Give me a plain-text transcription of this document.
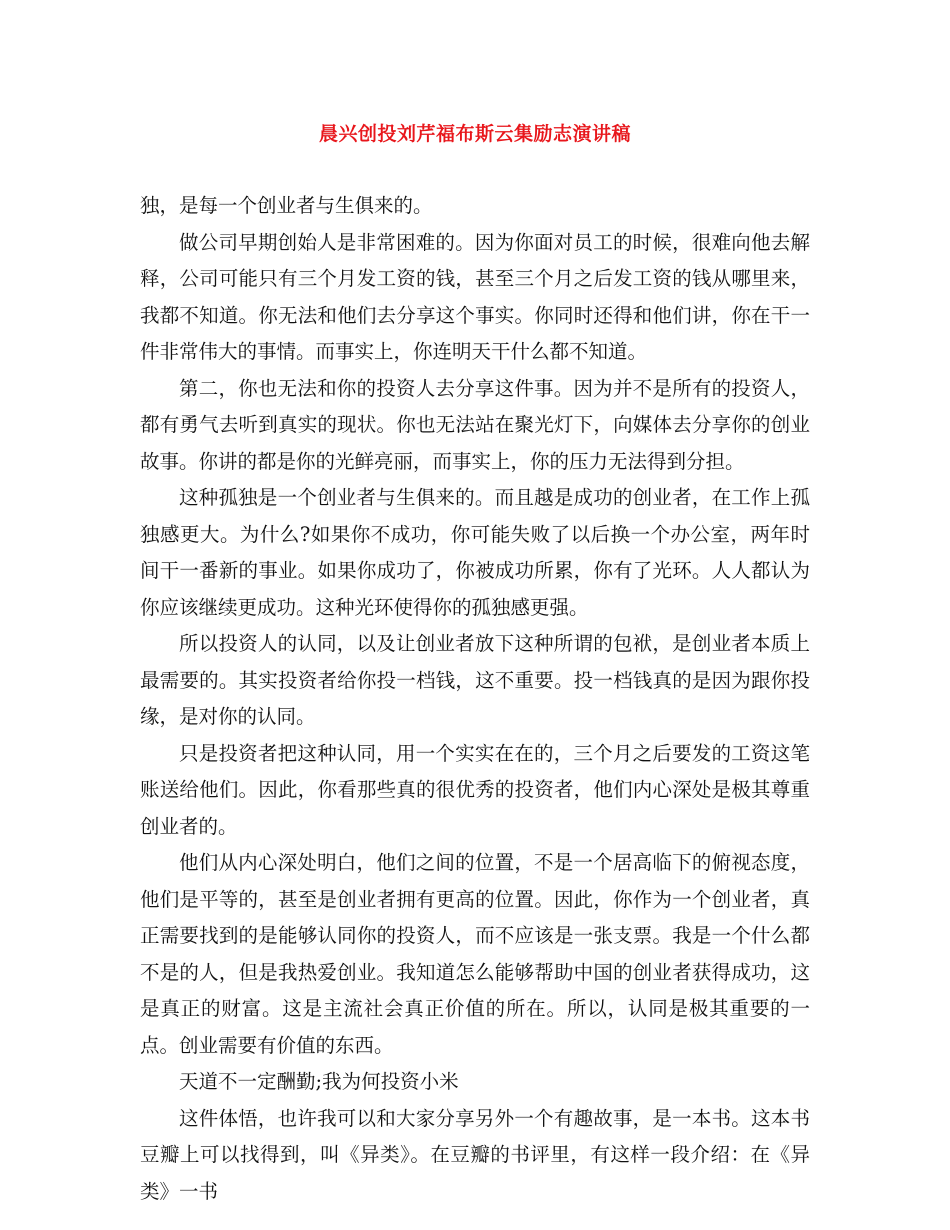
晨兴创投刘芹福布斯云集励志演讲稿

独，是每一个创业者与生俱来的。

做公司早期创始人是非常困难的。因为你面对员工的时候，很难向他去解释，公司可能只有三个月发工资的钱，甚至三个月之后发工资的钱从哪里来，我都不知道。你无法和他们去分享这个事实。你同时还得和他们讲，你在干一件非常伟大的事情。而事实上，你连明天干什么都不知道。

第二，你也无法和你的投资人去分享这件事。因为并不是所有的投资人，都有勇气去听到真实的现状。你也无法站在聚光灯下，向媒体去分享你的创业故事。你讲的都是你的光鲜亮丽，而事实上，你的压力无法得到分担。

这种孤独是一个创业者与生俱来的。而且越是成功的创业者，在工作上孤独感更大。为什么?如果你不成功，你可能失败了以后换一个办公室，两年时间干一番新的事业。如果你成功了，你被成功所累，你有了光环。人人都认为你应该继续更成功。这种光环使得你的孤独感更强。

所以投资人的认同，以及让创业者放下这种所谓的包袱，是创业者本质上最需要的。其实投资者给你投一档钱，这不重要。投一档钱真的是因为跟你投缘，是对你的认同。

只是投资者把这种认同，用一个实实在在的，三个月之后要发的工资这笔账送给他们。因此，你看那些真的很优秀的投资者，他们内心深处是极其尊重创业者的。

他们从内心深处明白，他们之间的位置，不是一个居高临下的俯视态度，他们是平等的，甚至是创业者拥有更高的位置。因此，你作为一个创业者，真正需要找到的是能够认同你的投资人，而不应该是一张支票。我是一个什么都不是的人，但是我热爱创业。我知道怎么能够帮助中国的创业者获得成功，这是真正的财富。这是主流社会真正价值的所在。所以，认同是极其重要的一点。创业需要有价值的东西。

天道不一定酬勤;我为何投资小米

这件体悟，也许我可以和大家分享另外一个有趣故事，是一本书。这本书豆瓣上可以找得到，叫《异类》。在豆瓣的书评里，有这样一段介绍：在《异类》一书
